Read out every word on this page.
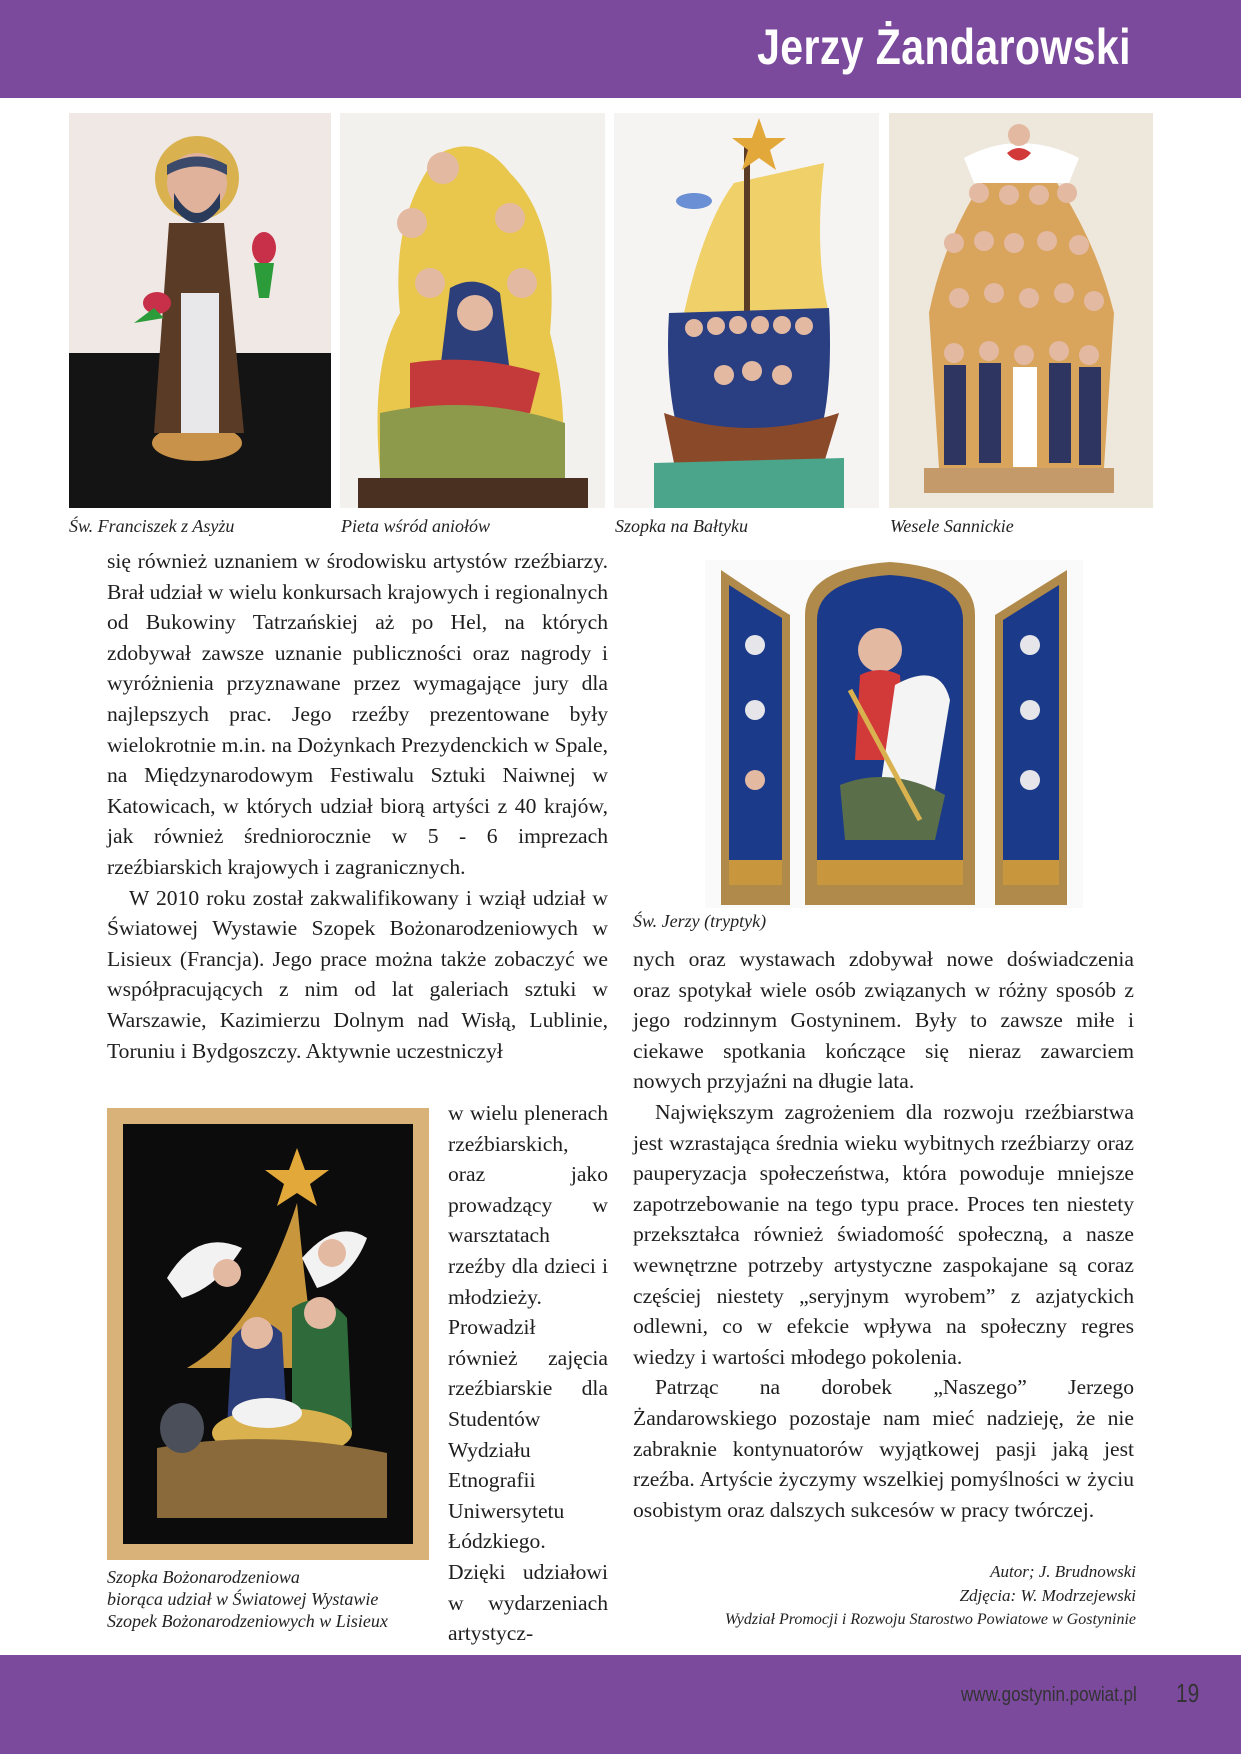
Jerzy Żandarowski
Św. Franciszek z Asyżu	Pieta wśród aniołów	Szopka na Bałtyku	Wesele Sannickie

się również uznaniem w środowisku artystów rzeźbiarzy. Brał udział w wielu konkursach krajowych i regionalnych od Bukowiny Tatrzańskiej aż po Hel, na których zdobywał zawsze uznanie publiczności oraz nagrody i wyróżnienia przyznawane przez wymagające jury dla najlepszych prac. Jego rzeźby prezentowane były wielokrotnie m.in. na Dożynkach Prezydenckich w Spale, na Międzynarodowym Festiwalu Sztuki Naiwnej w Katowicach, w których udział biorą artyści z 40 krajów, jak również średniorocznie w 5 - 6 imprezach rzeźbiarskich krajowych i zagranicznych.

W 2010 roku został zakwalifikowany i wziął udział w Światowej Wystawie Szopek Bożonarodzeniowych w Lisieux (Francja). Jego prace można także zobaczyć we współpracujących z nim od lat galeriach sztuki w Warszawie, Kazimierzu Dolnym nad Wisłą, Lublinie, Toruniu i Bydgoszczy. Aktywnie uczestniczył

w wielu plenerach rzeźbiarskich, oraz jako prowadzący w warsztatach rzeźby dla dzieci i młodzieży. Prowadził również zajęcia rzeźbiarskie dla Studentów Wydziału Etnografii Uniwersytetu Łódzkiego. Dzięki udziałowi w wydarzeniach artystycz-

Szopka Bożonarodzeniowa
biorąca udział w Światowej Wystawie
Szopek Bożonarodzeniowych w Lisieux
Św. Jerzy (tryptyk)

nych oraz wystawach zdobywał nowe doświadczenia oraz spotykał wiele osób związanych w różny sposób z jego rodzinnym Gostyninem. Były to zawsze miłe i ciekawe spotkania kończące się nieraz zawarciem nowych przyjaźni na długie lata.

Największym zagrożeniem dla rozwoju rzeźbiarstwa jest wzrastająca średnia wieku wybitnych rzeźbiarzy oraz pauperyzacja społeczeństwa, która powoduje mniejsze zapotrzebowanie na tego typu prace. Proces ten niestety przekształca również świadomość społeczną, a nasze wewnętrzne potrzeby artystyczne zaspokajane są coraz częściej niestety „seryjnym wyrobem” z azjatyckich odlewni, co w efekcie wpływa na społeczny regres wiedzy i wartości młodego pokolenia.

Patrząc na dorobek „Naszego” Jerzego Żandarowskiego pozostaje nam mieć nadzieję, że nie zabraknie kontynuatorów wyjątkowej pasji jaką jest rzeźba. Artyście życzymy wszelkiej pomyślności w życiu osobistym oraz dalszych sukcesów w pracy twórczej.

Autor; J. Brudnowski
Zdjęcia: W. Modrzejewski
Wydział Promocji i Rozwoju Starostwo Powiatowe w Gostyninie
www.gostynin.powiat.pl 19
